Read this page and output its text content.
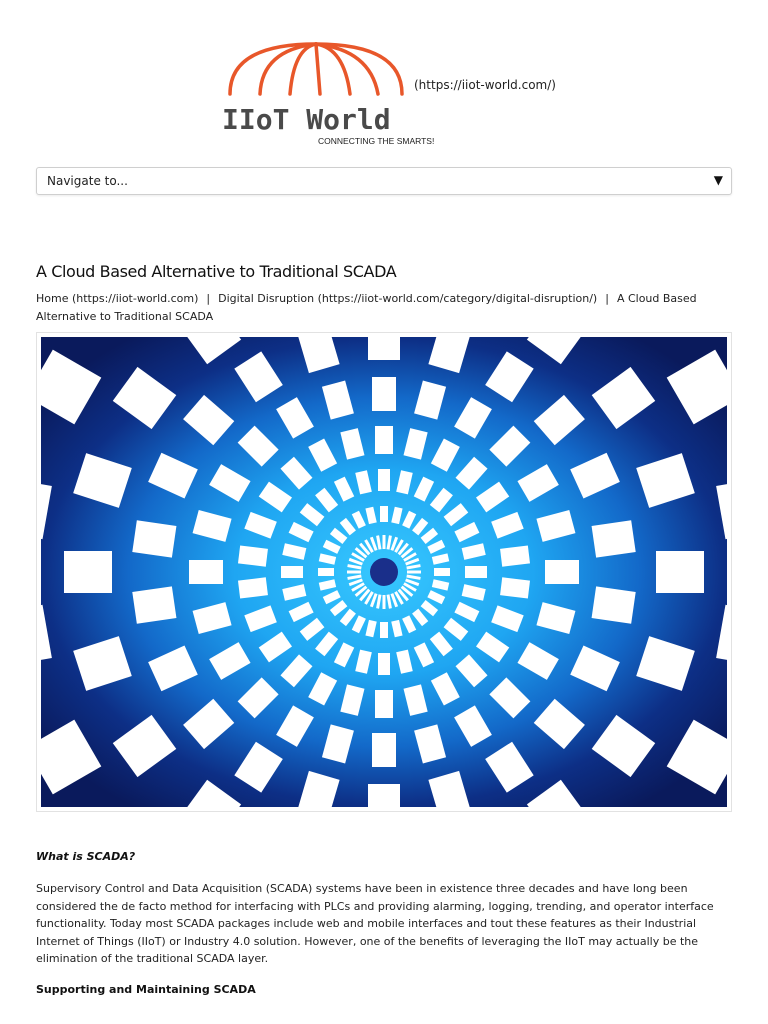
IIoT World
CONNECTING THE SMARTS!
(https://iiot-world.com/)
Navigate to...	▼
A Cloud Based Alternative to Traditional SCADA
Home (https://iiot-world.com) | Digital Disruption (https://iiot-world.com/category/digital-disruption/) | A Cloud Based Alternative to Traditional SCADA
What is SCADA?

Supervisory Control and Data Acquisition (SCADA) systems have been in existence three decades and have long been considered the de facto method for interfacing with PLCs and providing alarming, logging, trending, and operator interface functionality. Today most SCADA packages include web and mobile interfaces and tout these features as their Industrial Internet of Things (IIoT) or Industry 4.0 solution. However, one of the benefits of leveraging the IIoT may actually be the elimination of the traditional SCADA layer.

Supporting and Maintaining SCADA
